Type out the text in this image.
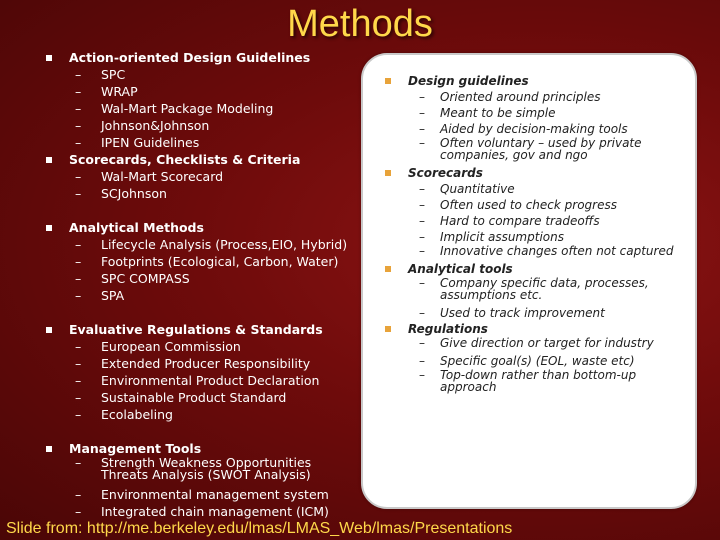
Methods
Action-oriented Design Guidelines
– SPC
– WRAP
– Wal-Mart Package Modeling
– Johnson&Johnson
– IPEN Guidelines
Scorecards, Checklists & Criteria
– Wal-Mart Scorecard
– SCJohnson
Analytical Methods
– Lifecycle Analysis (Process,EIO, Hybrid)
– Footprints (Ecological, Carbon, Water)
– SPC COMPASS
– SPA
Evaluative Regulations & Standards
– European Commission
– Extended Producer Responsibility
– Environmental Product Declaration
– Sustainable Product Standard
– Ecolabeling
Management Tools
– Strength Weakness Opportunities Threats Analysis (SWOT Analysis)
– Environmental management system
– Integrated chain management (ICM)
Design guidelines
– Oriented around principles
– Meant to be simple
– Aided by decision-making tools
– Often voluntary – used by private companies, gov and ngo
Scorecards
– Quantitative
– Often used to check progress
– Hard to compare tradeoffs
– Implicit assumptions
– Innovative changes often not captured
Analytical tools
– Company specific data, processes, assumptions etc.
– Used to track improvement
Regulations
– Give direction or target for industry
– Specific goal(s) (EOL, waste etc)
– Top-down rather than bottom-up approach
Slide from: http://me.berkeley.edu/lmas/LMAS_Web/lmas/Presentations
